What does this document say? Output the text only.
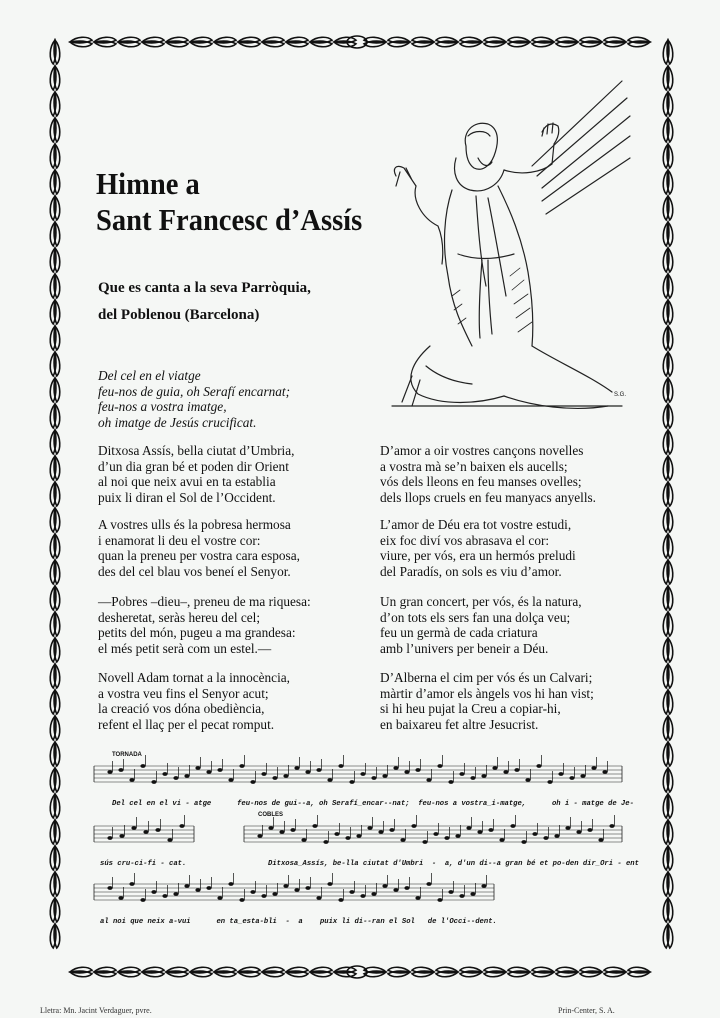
Himne a
Sant Francesc d’Assís
Que es canta a la seva Parròquia,
del Poblenou (Barcelona)
S.G.
Del cel en el viatge
feu-nos de guia, oh Serafí encarnat;
feu-nos a vostra imatge,
oh imatge de Jesús crucificat.
Ditxosa Assís, bella ciutat d’Umbria,
d’un dia gran bé et poden dir Orient
al noi que neix avui en ta establia
puix li diran el Sol de l’Occident.
A vostres ulls és la pobresa hermosa
i enamorat li deu el vostre cor:
quan la preneu per vostra cara esposa,
des del cel blau vos beneí el Senyor.
—Pobres –dieu–, preneu de ma riquesa:
desheretat, seràs hereu del cel;
petits del món, pugeu a ma grandesa:
el més petit serà com un estel.—
Novell Adam tornat a la innocència,
a vostra veu fins el Senyor acut;
la creació vos dóna obediència,
refent el llaç per el pecat romput.
D’amor a oir vostres cançons novelles
a vostra mà se’n baixen els aucells;
vós dels lleons en feu manses ovelles;
dels llops cruels en feu manyacs anyells.
L’amor de Déu era tot vostre estudi,
eix foc diví vos abrasava el cor:
viure, per vós, era un hermós preludi
del Paradís, on sols es viu d’amor.
Un gran concert, per vós, és la natura,
d’on tots els sers fan una dolça veu;
feu un germà de cada criatura
amb l’univers per beneir a Déu.
D’Alberna el cim per vós és un Calvari;
màrtir d’amor els àngels vos hi han vist;
si hi heu pujat la Creu a copiar-hi,
en baixareu fet altre Jesucrist.
TORNADA
COBLES
Del cel en el vi - atge      feu-nos de gui--a, oh Serafí_encar--nat;  feu-nos a vostra_i-matge,      oh i - matge de Je-
sús cru-ci-fi - cat.	Ditxosa_Assís, be-lla ciutat d'Umbri  -  a, d'un di--a gran bé et po-den dir_Ori - ent
al noi que neix a-vui      en ta_esta-bli  -  a    puix li di--ran el Sol   de l'Occi--dent.
Lletra: Mn. Jacint Verdaguer, pvre.	Prin-Center, S. A.
